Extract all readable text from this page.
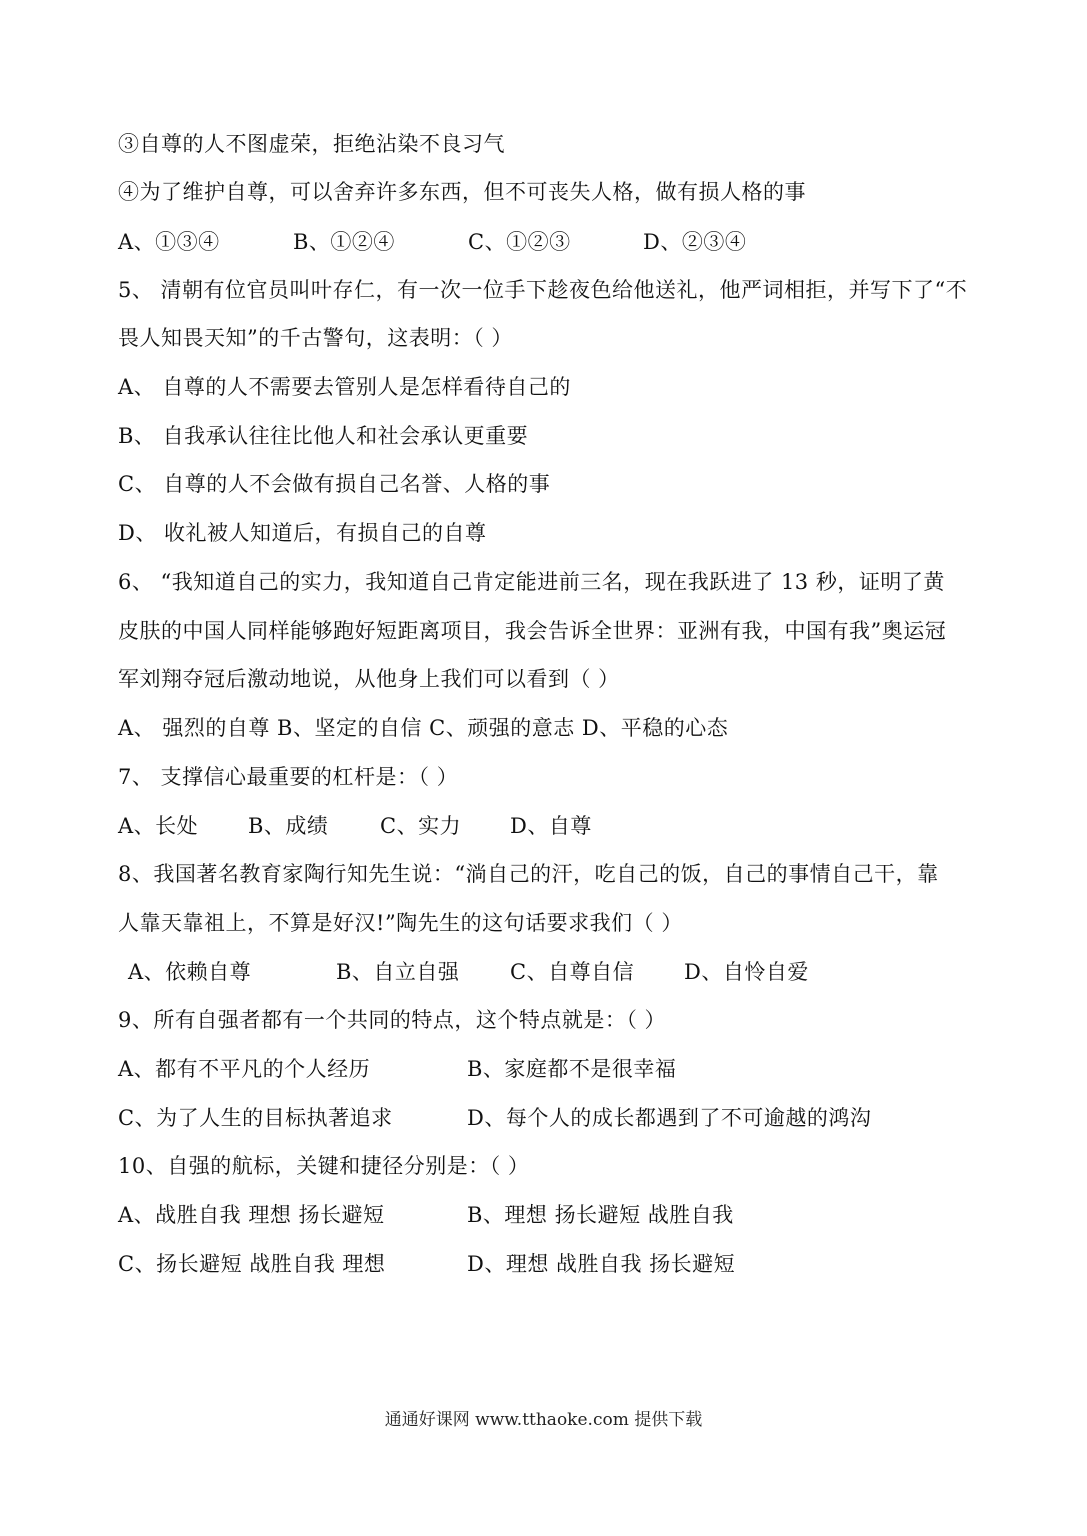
③自尊的人不图虚荣，拒绝沾染不良习气
④为了维护自尊，可以舍弃许多东西，但不可丧失人格，做有损人格的事
A、①③④	B、①②④	C、①②③	D、②③④
5、 清朝有位官员叫叶存仁，有一次一位手下趁夜色给他送礼，他严词相拒，并写下了“不
畏人知畏天知”的千古警句，这表明：（ ）
A、 自尊的人不需要去管别人是怎样看待自己的
B、 自我承认往往比他人和社会承认更重要
C、 自尊的人不会做有损自己名誉、人格的事
D、 收礼被人知道后，有损自己的自尊
6、 “我知道自己的实力，我知道自己肯定能进前三名，现在我跃进了 13 秒，证明了黄
皮肤的中国人同样能够跑好短距离项目，我会告诉全世界：亚洲有我，中国有我”奥运冠
军刘翔夺冠后激动地说，从他身上我们可以看到（ ）
A、 强烈的自尊 B、坚定的自信 C、顽强的意志 D、平稳的心态
7、 支撑信心最重要的杠杆是：（ ）
A、长处 B、成绩 C、实力 D、自尊
8、我国著名教育家陶行知先生说：“淌自己的汗，吃自己的饭，自己的事情自己干，靠
人靠天靠祖上，不算是好汉!”陶先生的这句话要求我们（ ）
A、依赖自尊	B、自立自强 C、自尊自信 D、自怜自爱
9、所有自强者都有一个共同的特点，这个特点就是：（ ）
A、都有不平凡的个人经历	B、家庭都不是很幸福
C、为了人生的目标执著追求	D、每个人的成长都遇到了不可逾越的鸿沟
10、自强的航标，关键和捷径分别是：（ ）
A、战胜自我 理想 扬长避短	B、理想 扬长避短 战胜自我
C、扬长避短 战胜自我 理想	D、理想 战胜自我 扬长避短
通通好课网 www.tthaoke.com 提供下载
